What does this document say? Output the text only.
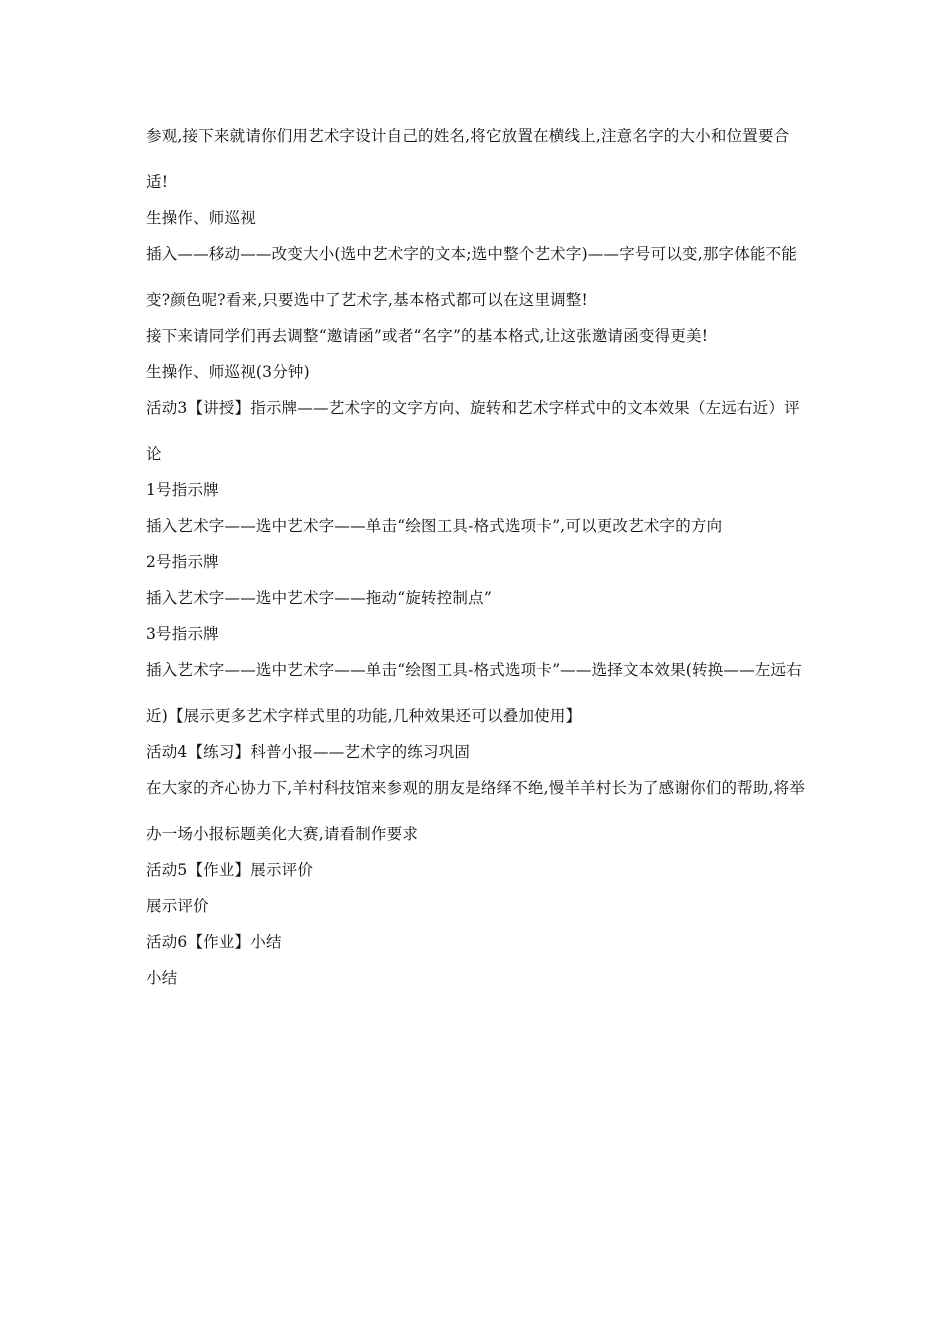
参观,接下来就请你们用艺术字设计自己的姓名,将它放置在横线上,注意名字的大小和位置要合适!

生操作、师巡视

插入——移动——改变大小(选中艺术字的文本;选中整个艺术字)——字号可以变,那字体能不能变?颜色呢?看来,只要选中了艺术字,基本格式都可以在这里调整!

接下来请同学们再去调整“邀请函”或者“名字”的基本格式,让这张邀请函变得更美!

生操作、师巡视(3分钟)

活动3【讲授】指示牌——艺术字的文字方向、旋转和艺术字样式中的文本效果（左远右近）评论

1号指示牌

插入艺术字——选中艺术字——单击“绘图工具-格式选项卡”,可以更改艺术字的方向

2号指示牌

插入艺术字——选中艺术字——拖动“旋转控制点”

3号指示牌

插入艺术字——选中艺术字——单击“绘图工具-格式选项卡”——选择文本效果(转换——左远右近)【展示更多艺术字样式里的功能,几种效果还可以叠加使用】

活动4【练习】科普小报——艺术字的练习巩固

在大家的齐心协力下,羊村科技馆来参观的朋友是络绎不绝,慢羊羊村长为了感谢你们的帮助,将举办一场小报标题美化大赛,请看制作要求

活动5【作业】展示评价

展示评价

活动6【作业】小结

小结
